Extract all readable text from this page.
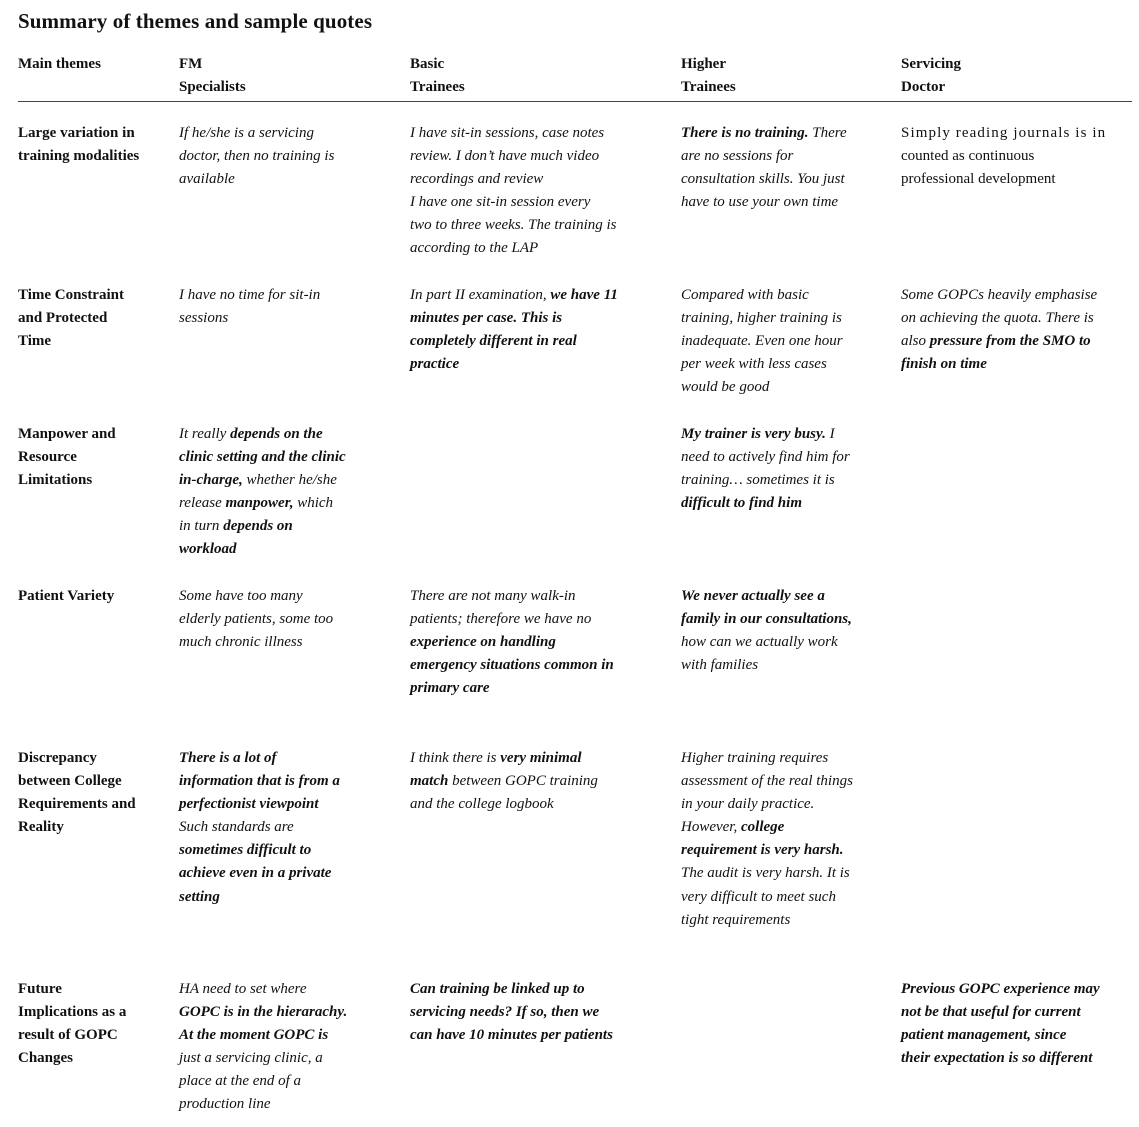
Summary of themes and sample quotes
Main themes	FM
Specialists
Basic
Trainees
Higher
Trainees
Servicing
Doctor
Large variation in
training modalities
If he/she is a servicing
doctor, then no training is
available
I have sit-in sessions, case notes
review. I don’t have much video
recordings and review
I have one sit-in session every
two to three weeks. The training is
according to the LAP
There is no training. There
are no sessions for
consultation skills. You just
have to use your own time
Simply reading journals is in
counted as continuous
professional development
Time Constraint
and Protected
Time
I have no time for sit-in
sessions
In part II examination, we have 11
minutes per case. This is
completely different in real
practice
Compared with basic
training, higher training is
inadequate. Even one hour
per week with less cases
would be good
Some GOPCs heavily emphasise
on achieving the quota. There is
also pressure from the SMO to
finish on time
Manpower and
Resource
Limitations
It really depends on the
clinic setting and the clinic
in-charge, whether he/she
release manpower, which
in turn depends on
workload
My trainer is very busy. I
need to actively find him for
training… sometimes it is
difficult to find him
Patient Variety	Some have too many
elderly patients, some too
much chronic illness
There are not many walk-in
patients; therefore we have no
experience on handling
emergency situations common in
primary care
We never actually see a
family in our consultations,
how can we actually work
with families
Discrepancy
between College
Requirements and
Reality
There is a lot of
information that is from a
perfectionist viewpoint
Such standards are
sometimes difficult to
achieve even in a private
setting
I think there is very minimal
match between GOPC training
and the college logbook
Higher training requires
assessment of the real things
in your daily practice.
However, college
requirement is very harsh.
The audit is very harsh. It is
very difficult to meet such
tight requirements
Future
Implications as a
result of GOPC
Changes
HA need to set where
GOPC is in the hierarachy.
At the moment GOPC is
just a servicing clinic, a
place at the end of a
production line
Can training be linked up to
servicing needs? If so, then we
can have 10 minutes per patients
Previous GOPC experience may
not be that useful for current
patient management, since
their expectation is so different
